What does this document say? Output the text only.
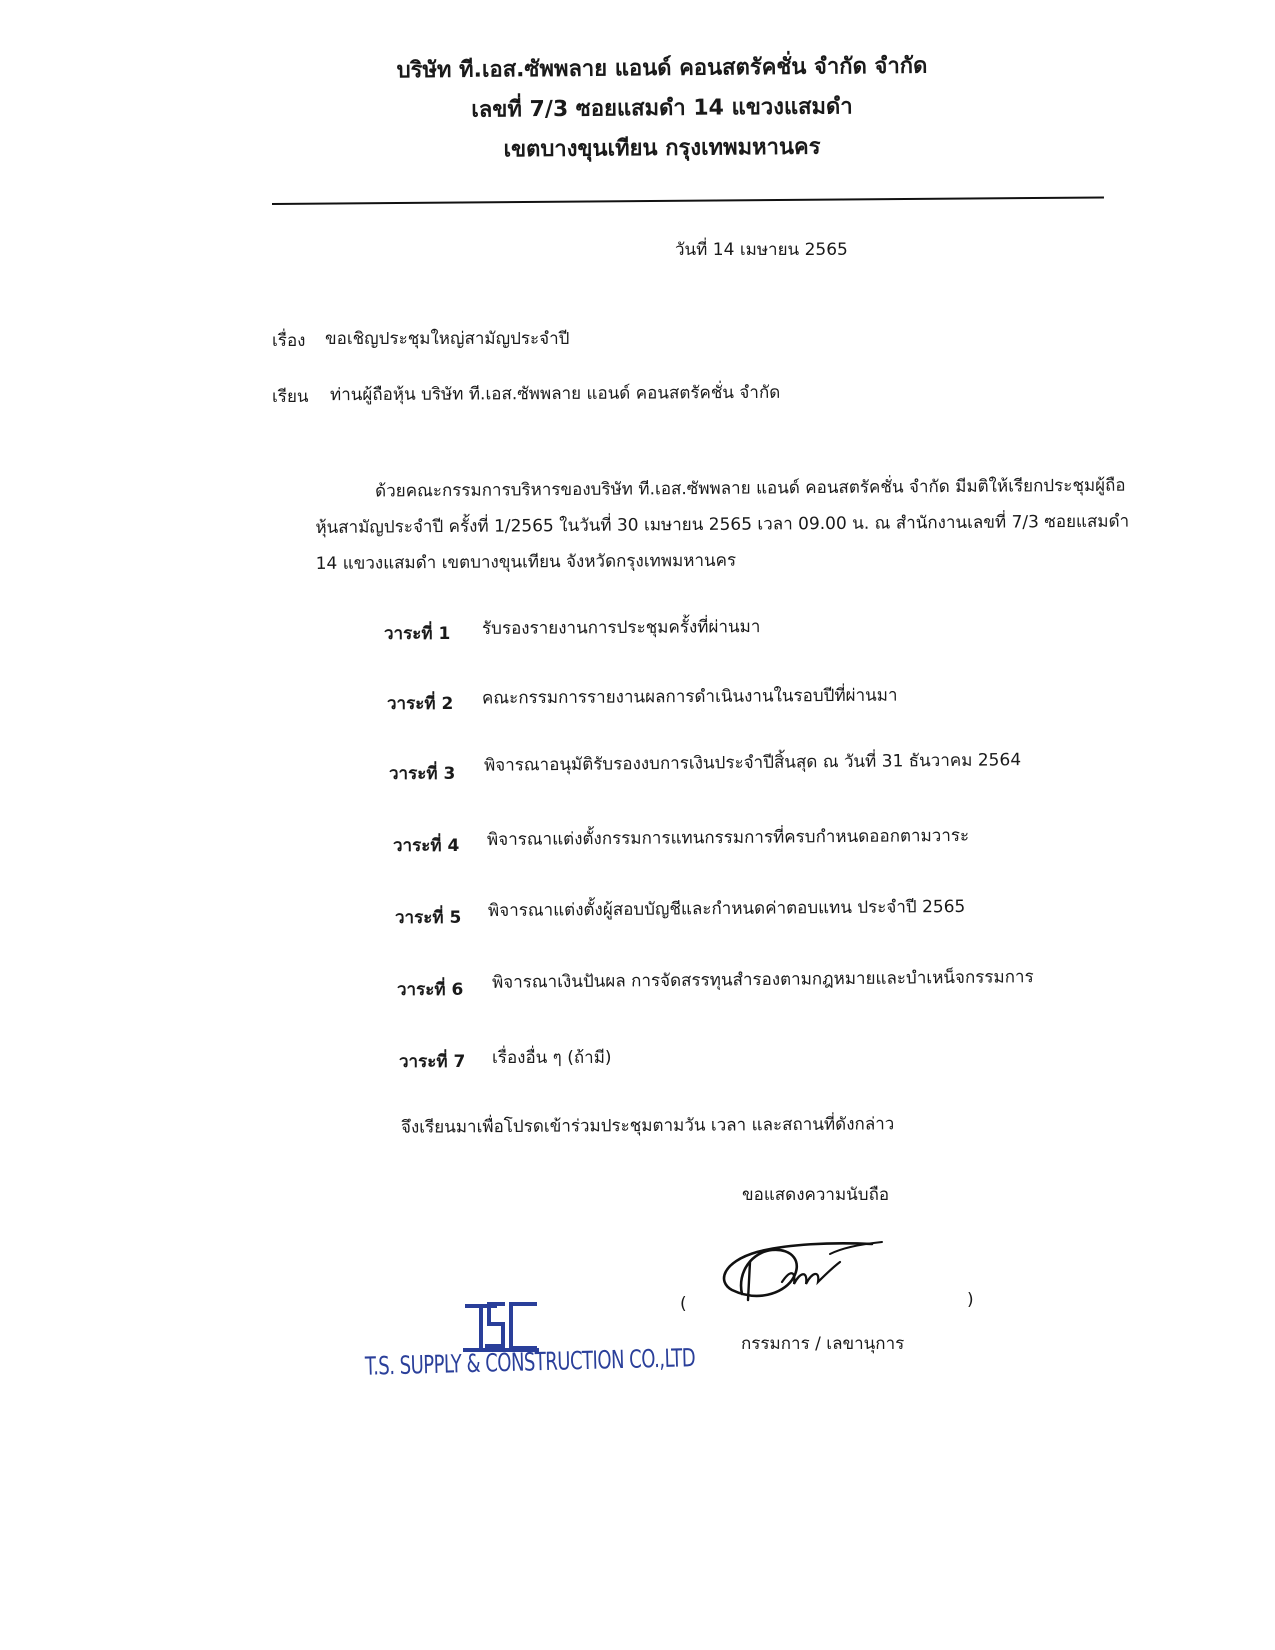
บริษัท ที.เอส.ซัพพลาย แอนด์ คอนสตรัคชั่น จำกัด จำกัด
เลขที่ 7/3 ซอยแสมดำ 14 แขวงแสมดำ
เขตบางขุนเทียน กรุงเทพมหานคร
วันที่ 14 เมษายน 2565
เรื่อง ขอเชิญประชุมใหญ่สามัญประจำปี
เรียน ท่านผู้ถือหุ้น บริษัท ที.เอส.ซัพพลาย แอนด์ คอนสตรัคชั่น จำกัด
ด้วยคณะกรรมการบริหารของบริษัท ที.เอส.ซัพพลาย แอนด์ คอนสตรัคชั่น จำกัด มีมติให้เรียกประชุมผู้ถือหุ้นสามัญประจำปี ครั้งที่ 1/2565 ในวันที่ 30 เมษายน 2565 เวลา 09.00 น. ณ สำนักงานเลขที่ 7/3 ซอยแสมดำ 14 แขวงแสมดำ เขตบางขุนเทียน จังหวัดกรุงเทพมหานคร
วาระที่ 1 รับรองรายงานการประชุมครั้งที่ผ่านมา
วาระที่ 2 คณะกรรมการรายงานผลการดำเนินงานในรอบปีที่ผ่านมา
วาระที่ 3 พิจารณาอนุมัติรับรองงบการเงินประจำปีสิ้นสุด ณ วันที่ 31 ธันวาคม 2564
วาระที่ 4 พิจารณาแต่งตั้งกรรมการแทนกรรมการที่ครบกำหนดออกตามวาระ
วาระที่ 5 พิจารณาแต่งตั้งผู้สอบบัญชีและกำหนดค่าตอบแทน ประจำปี 2565
วาระที่ 6 พิจารณาเงินปันผล การจัดสรรทุนสำรองตามกฎหมายและบำเหน็จกรรมการ
วาระที่ 7 เรื่องอื่น ๆ (ถ้ามี)
จึงเรียนมาเพื่อโปรดเข้าร่วมประชุมตามวัน เวลา และสถานที่ดังกล่าว
ขอแสดงความนับถือ
(	)
กรรมการ / เลขานุการ
T.S. SUPPLY & CONSTRUCTION CO.,LTD
